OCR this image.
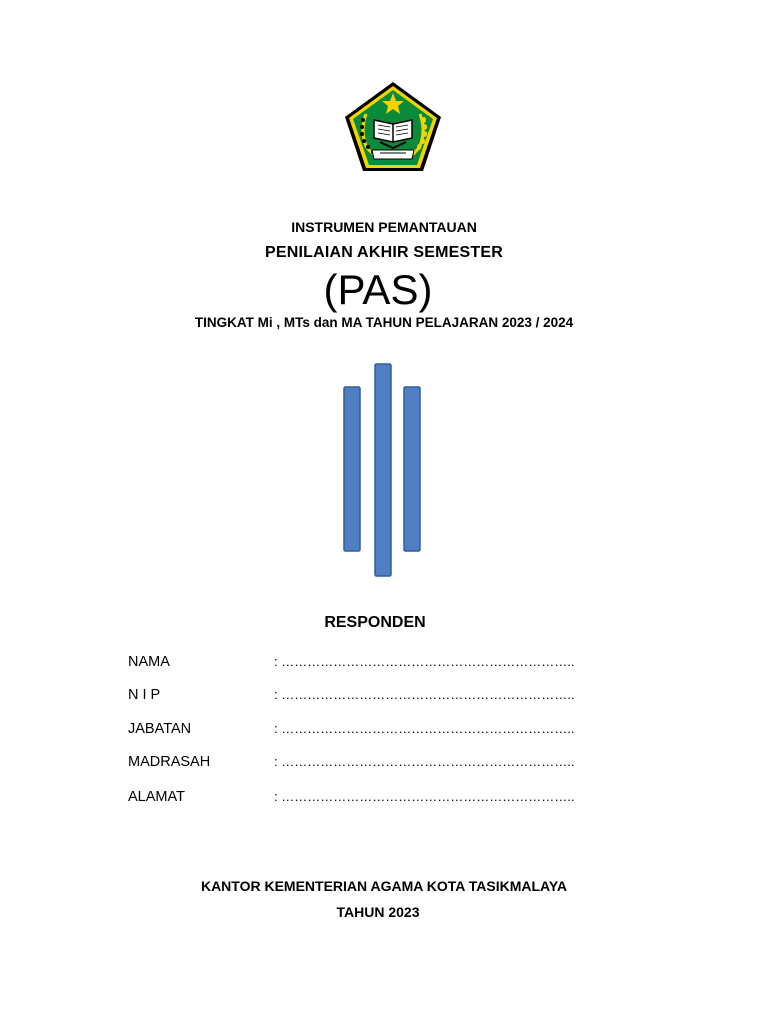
INSTRUMEN PEMANTAUAN
PENILAIAN AKHIR SEMESTER
(PAS)
TINGKAT Mi , MTs dan MA TAHUN PELAJARAN 2023 / 2024
RESPONDEN
NAMA	: …………………………………………………………..
N I P	: …………………………………………………………..
JABATAN	: …………………………………………………………..
MADRASAH	: …………………………………………………………..
ALAMAT	: …………………………………………………………..
KANTOR KEMENTERIAN AGAMA KOTA TASIKMALAYA
TAHUN 2023
